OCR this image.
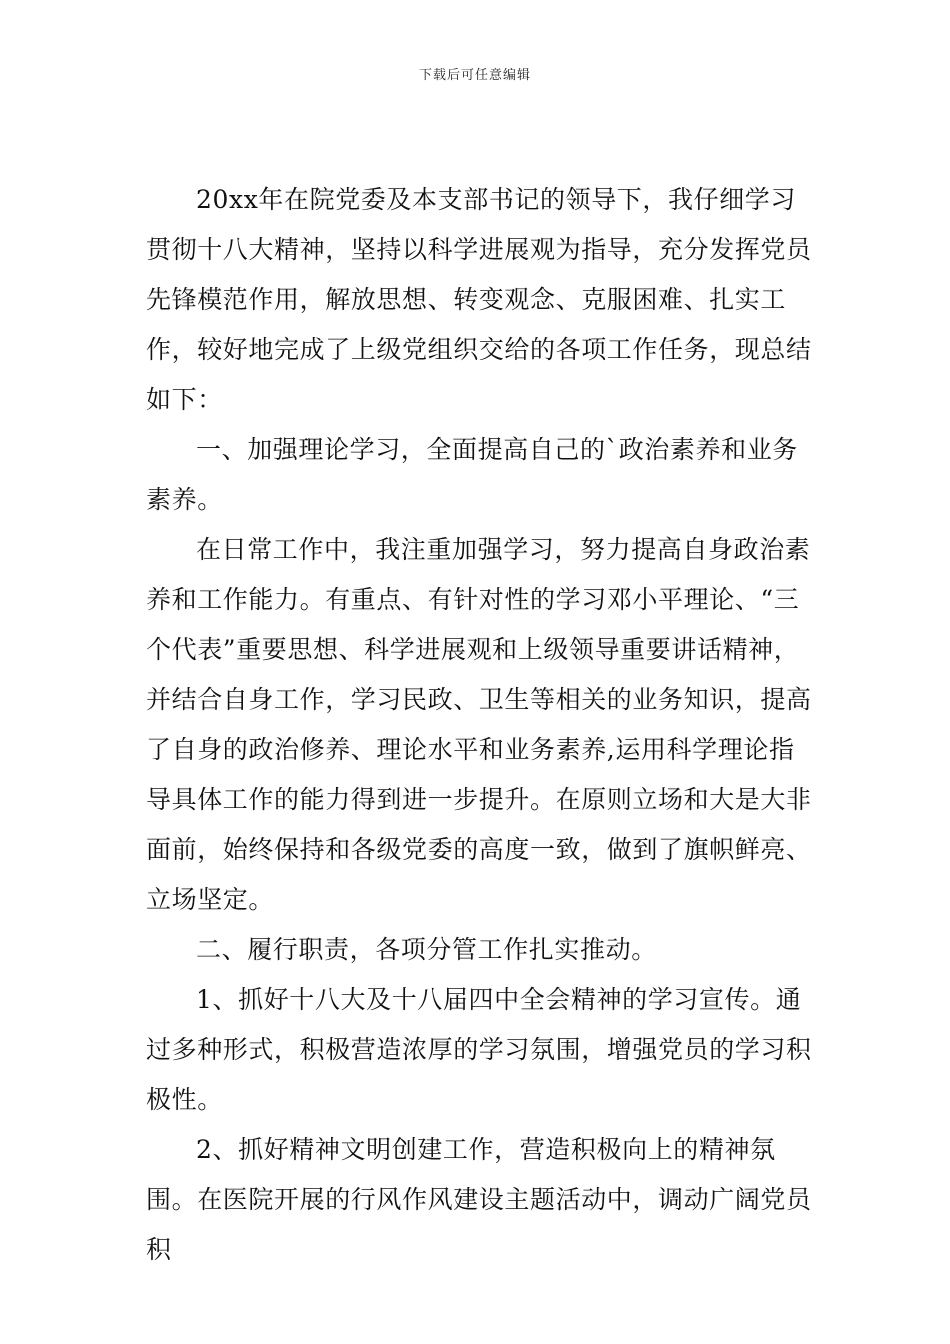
下载后可任意编辑

20xx年在院党委及本支部书记的领导下，我仔细学习贯彻十八大精神，坚持以科学进展观为指导，充分发挥党员先锋模范作用，解放思想、转变观念、克服困难、扎实工作，较好地完成了上级党组织交给的各项工作任务，现总结如下：

一、加强理论学习，全面提高自己的`政治素养和业务素养。

在日常工作中，我注重加强学习，努力提高自身政治素养和工作能力。有重点、有针对性的学习邓小平理论、“三个代表”重要思想、科学进展观和上级领导重要讲话精神，并结合自身工作，学习民政、卫生等相关的业务知识，提高了自身的政治修养、理论水平和业务素养,运用科学理论指导具体工作的能力得到进一步提升。在原则立场和大是大非面前，始终保持和各级党委的高度一致，做到了旗帜鲜亮、立场坚定。

二、履行职责，各项分管工作扎实推动。

1、抓好十八大及十八届四中全会精神的学习宣传。通过多种形式，积极营造浓厚的学习氛围，增强党员的学习积极性。

2、抓好精神文明创建工作，营造积极向上的精神氛围。在医院开展的行风作风建设主题活动中，调动广阔党员积
